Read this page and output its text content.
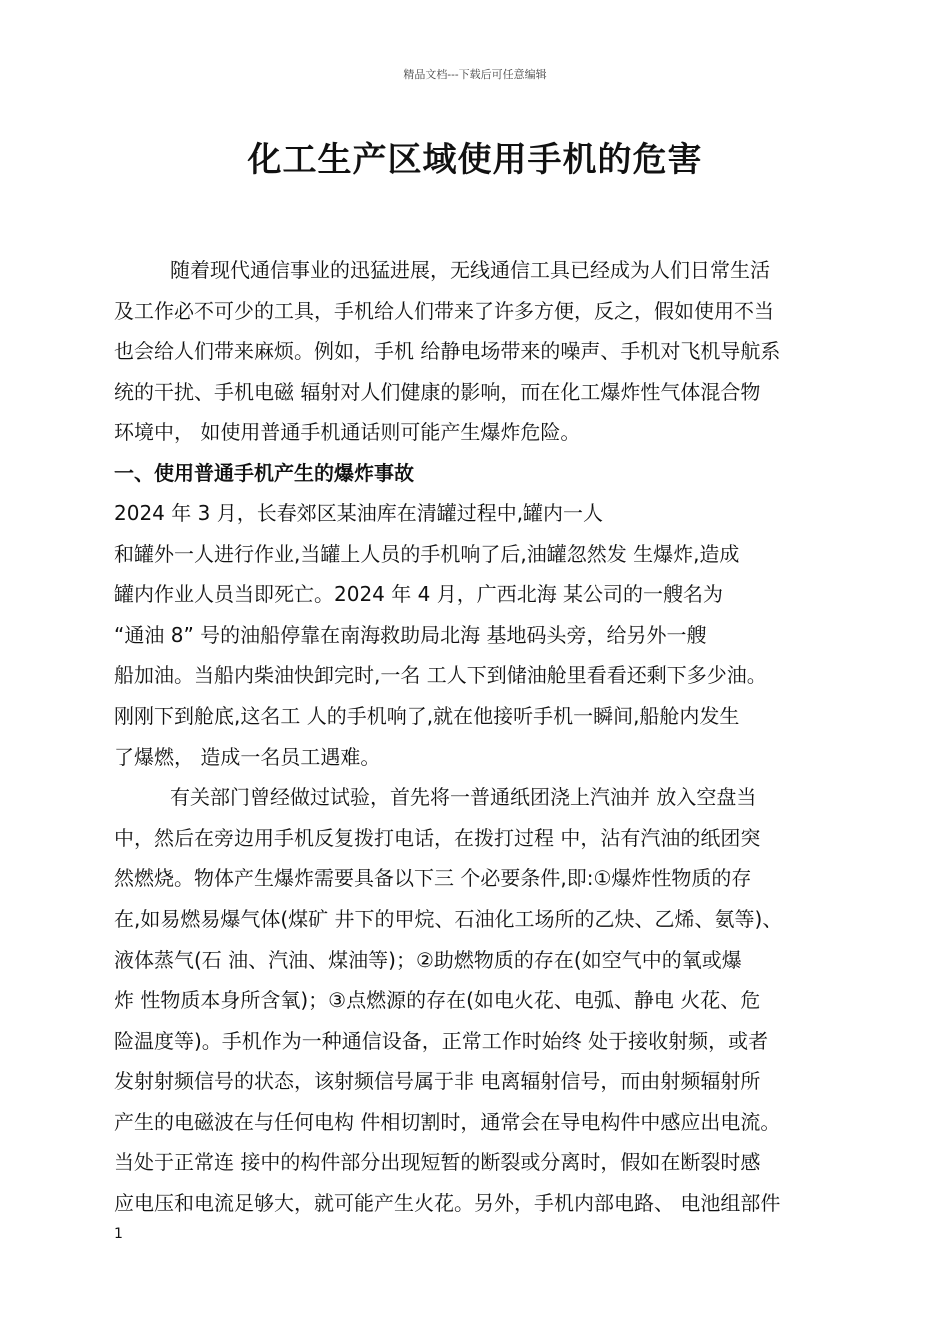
精品文档---下载后可任意编辑
化工生产区域使用手机的危害
随着现代通信事业的迅猛进展，无线通信工具已经成为人们日常生活
及工作必不可少的工具，手机给人们带来了许多方便，反之，假如使用不当
也会给人们带来麻烦。例如，手机 给静电场带来的噪声、手机对飞机导航系
统的干扰、手机电磁 辐射对人们健康的影响，而在化工爆炸性气体混合物
环境中， 如使用普通手机通话则可能产生爆炸危险。
一、使用普通手机产生的爆炸事故
2024 年 3 月，长春郊区某油库在清罐过程中,罐内一人
和罐外一人进行作业,当罐上人员的手机响了后,油罐忽然发 生爆炸,造成
罐内作业人员当即死亡。2024 年 4 月，广西北海 某公司的一艘名为
“通油 8” 号的油船停靠在南海救助局北海 基地码头旁，给另外一艘
船加油。当船内柴油快卸完时,一名 工人下到储油舱里看看还剩下多少油。
刚刚下到舱底,这名工 人的手机响了,就在他接听手机一瞬间,船舱内发生
了爆燃， 造成一名员工遇难。
有关部门曾经做过试验，首先将一普通纸团浇上汽油并 放入空盘当
中，然后在旁边用手机反复拨打电话，在拨打过程 中，沾有汽油的纸团突
然燃烧。物体产生爆炸需要具备以下三 个必要条件,即:①爆炸性物质的存
在,如易燃易爆气体(煤矿 井下的甲烷、石油化工场所的乙炔、乙烯、氨等)、
液体蒸气(石 油、汽油、煤油等)；②助燃物质的存在(如空气中的氧或爆
炸 性物质本身所含氧)；③点燃源的存在(如电火花、电弧、静电 火花、危
险温度等)。手机作为一种通信设备，正常工作时始终 处于接收射频，或者
发射射频信号的状态，该射频信号属于非 电离辐射信号，而由射频辐射所
产生的电磁波在与任何电构 件相切割时，通常会在导电构件中感应出电流。
当处于正常连 接中的构件部分出现短暂的断裂或分离时，假如在断裂时感
应电压和电流足够大，就可能产生火花。另外，手机内部电路、 电池组部件
1
